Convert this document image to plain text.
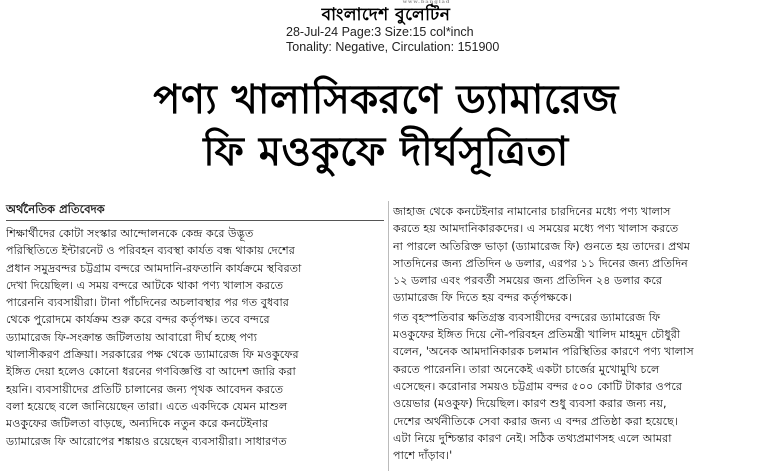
বাংলাদেশ বুলেটিন
www.banglad
28-Jul-24 Page:3 Size:15 col*inch
Tonality: Negative, Circulation: 151900
পণ্য খালাসিকরণে ড্যামারেজ
ফি মওকুফে দীর্ঘসূত্রিতা
অর্থনৈতিক প্রতিবেদক
শিক্ষার্থীদের কোটা সংস্কার আন্দোলনকে কেন্দ্র করে উদ্ভূত
পরিস্থিতিতে ইন্টারনেট ও পরিবহন ব্যবস্থা কার্যত বন্ধ থাকায় দেশের
প্রধান সমুদ্রবন্দর চট্টগ্রাম বন্দরে আমদানি-রফতানি কার্যক্রমে স্থবিরতা
দেখা দিয়েছিল। এ সময় বন্দরে আটকে থাকা পণ্য খালাস করতে
পারেননি ব্যবসায়ীরা। টানা পাঁচদিনের অচলাবস্থার পর গত বুধবার
থেকে পুরোদমে কার্যক্রম শুরু করে বন্দর কর্তৃপক্ষ। তবে বন্দরে
ড্যামারেজ ফি-সংক্রান্ত জটিলতায় আবারো দীর্ঘ হচ্ছে পণ্য
খালাসীকরণ প্রক্রিয়া। সরকারের পক্ষ থেকে ড্যামারেজ ফি মওকুফের
ইঙ্গিত দেয়া হলেও কোনো ধরনের গণবিজ্ঞপ্তি বা আদেশ জারি করা
হয়নি। ব্যবসায়ীদের প্রতিটি চালানের জন্য পৃথক আবেদন করতে
বলা হয়েছে বলে জানিয়েছেন তারা। এতে একদিকে যেমন মাশুল
মওকুফের জটিলতা বাড়ছে, অন্যদিকে নতুন করে কনটেইনার
ড্যামারেজ ফি আরোপের শঙ্কায়ও রয়েছেন ব্যবসায়ীরা। সাধারণত
জাহাজ থেকে কনটেইনার নামানোর চারদিনের মধ্যে পণ্য খালাস
করতে হয় আমদানিকারকদের। এ সময়ের মধ্যে পণ্য খালাস করতে
না পারলে অতিরিক্ত ভাড়া (ড্যামারেজ ফি) গুনতে হয় তাদের। প্রথম
সাতদিনের জন্য প্রতিদিন ৬ ডলার, এরপর ১১ দিনের জন্য প্রতিদিন
১২ ডলার এবং পরবর্তী সময়ের জন্য প্রতিদিন ২৪ ডলার করে
ড্যামারেজ ফি দিতে হয় বন্দর কর্তৃপক্ষকে।
গত বৃহস্পতিবার ক্ষতিগ্রস্ত ব্যবসায়ীদের বন্দরের ড্যামারেজ ফি
মওকুফের ইঙ্গিত দিয়ে নৌ-পরিবহন প্রতিমন্ত্রী খালিদ মাহমুদ চৌধুরী
বলেন, 'অনেক আমদানিকারক চলমান পরিস্থিতির কারণে পণ্য খালাস
করতে পারেননি। তারা অনেকেই একটা চার্জের মুখোমুখি চলে
এসেছেন। করোনার সময়ও চট্টগ্রাম বন্দর ৫০০ কোটি টাকার ওপরে
ওয়েভার (মওকুফ) দিয়েছিল। কারণ শুধু ব্যবসা করার জন্য নয়,
দেশের অর্থনীতিকে সেবা করার জন্য এ বন্দর প্রতিষ্ঠা করা হয়েছে।
এটা নিয়ে দুশ্চিন্তার কারণ নেই। সঠিক তথ্যপ্রমাণসহ এলে আমরা
পাশে দাঁড়াব।'
